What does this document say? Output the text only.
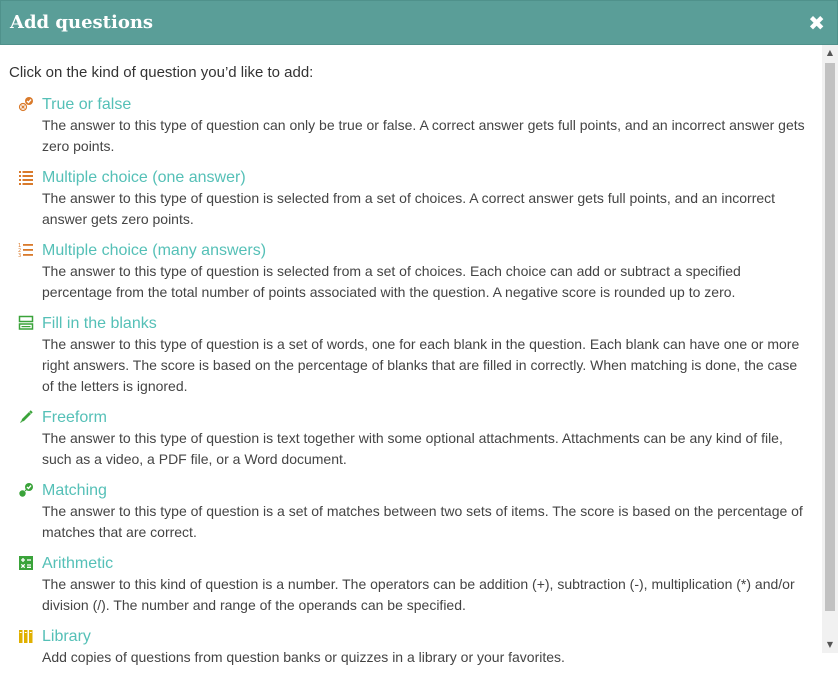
Add questions	✖
Click on the kind of question you’d like to add:
True or false

The answer to this type of question can only be true or false. A correct answer gets full points, and an incorrect answer gets zero points.

Multiple choice (one answer)

The answer to this type of question is selected from a set of choices. A correct answer gets full points, and an incorrect answer gets zero points.

1
2
3 Multiple choice (many answers)

The answer to this type of question is selected from a set of choices. Each choice can add or subtract a specified percentage from the total number of points associated with the question. A negative score is rounded up to zero.

Fill in the blanks

The answer to this type of question is a set of words, one for each blank in the question. Each blank can have one or more right answers. The score is based on the percentage of blanks that are filled in correctly. When matching is done, the case of the letters is ignored.

Freeform

The answer to this type of question is text together with some optional attachments. Attachments can be any kind of file, such as a video, a PDF file, or a Word document.

Matching

The answer to this type of question is a set of matches between two sets of items. The score is based on the percentage of matches that are correct.

Arithmetic

The answer to this kind of question is a number. The operators can be addition (+), subtraction (-), multiplication (*) and/or division (/). The number and range of the operands can be specified.

Library

Add copies of questions from question banks or quizzes in a library or your favorites.

▲
▼
